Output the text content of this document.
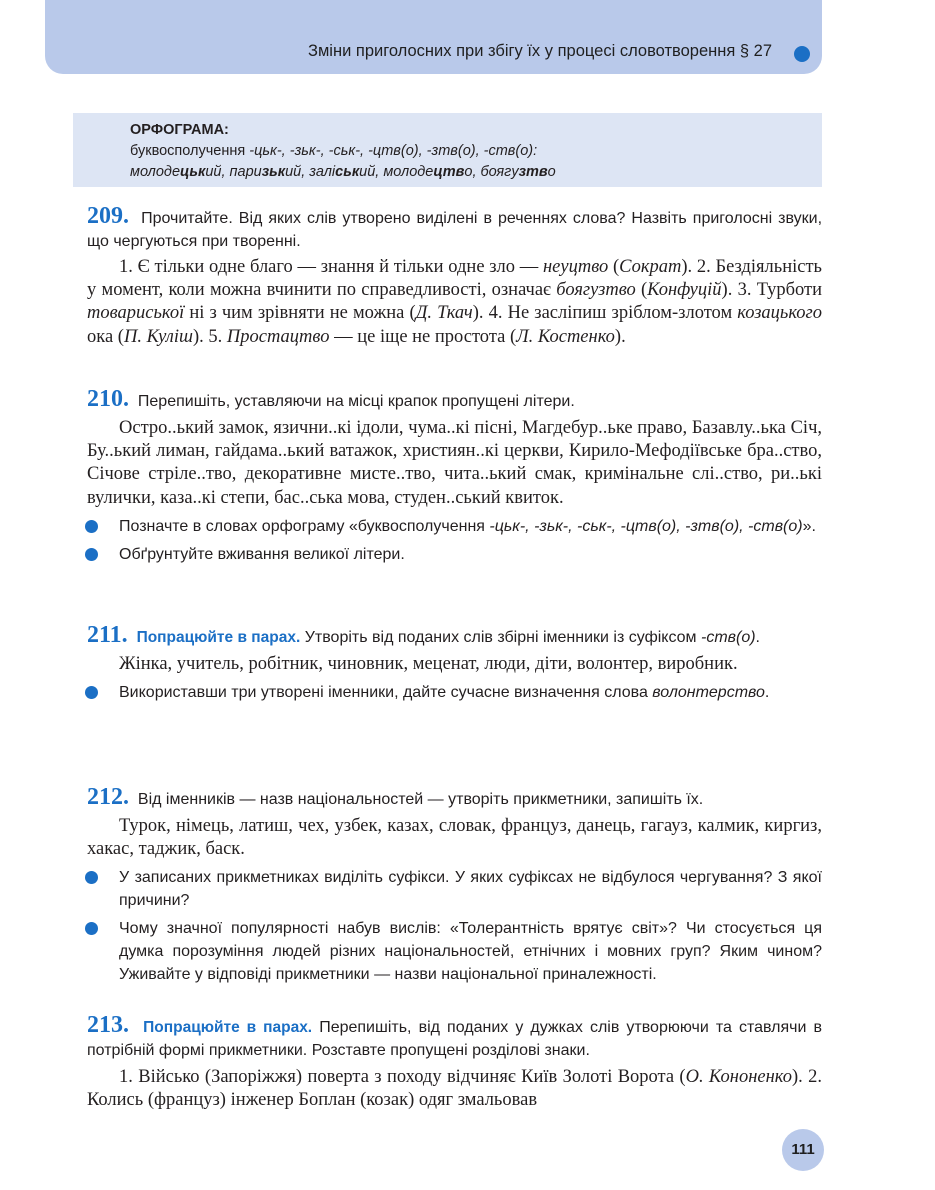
Зміни приголосних при збігу їх у процесі словотворення § 27
ОРФОГРАМА:
буквосполучення -цьк-, -зьк-, -ськ-, -цтв(о), -зтв(о), -ств(о):
молодецький, паризький, заліський, молодецтво, боягузтво
209. Прочитайте. Від яких слів утворено виділені в реченнях слова? Назвіть приголосні звуки, що чергуються при творенні.
1. Є тільки одне благо — знання й тільки одне зло — неуцтво (Сократ). 2. Бездіяльність у момент, коли можна вчинити по справедливості, означає боягузтво (Конфуцій). 3. Турботи товариської ні з чим зрівняти не можна (Д. Ткач). 4. Не засліпиш зріблом-злотом козацького ока (П. Куліш). 5. Простацтво — це іще не простота (Л. Костенко).
210. Перепишіть, уставляючи на місці крапок пропущені літери.
Остро..ький замок, язични..кі ідоли, чума..кі пісні, Магдебур..ьке право, Базавлу..ька Січ, Бу..ький лиман, гайдама..ький ватажок, християн..кі церкви, Кирило-Мефодіївське бра..ство, Січове стріле..тво, декоративне мисте..тво, чита..ький смак, кримінальне слі..ство, ри..ькі вулички, каза..кі степи, бас..ська мова, студен..ський квиток.
Позначте в словах орфограму «буквосполучення -цьк-, -зьк-, -ськ-, -цтв(о), -зтв(о), -ств(о)».
Обґрунтуйте вживання великої літери.
211. Попрацюйте в парах. Утворіть від поданих слів збірні іменники із суфіксом -ств(о).
Жінка, учитель, робітник, чиновник, меценат, люди, діти, волонтер, виробник.
Використавши три утворені іменники, дайте сучасне визначення слова волонтерство.
212. Від іменників — назв національностей — утворіть прикметники, запишіть їх.
Турок, німець, латиш, чех, узбек, казах, словак, француз, данець, гагауз, калмик, киргиз, хакас, таджик, баск.
У записаних прикметниках виділіть суфікси. У яких суфіксах не відбулося чергування? З якої причини?
Чому значної популярності набув вислів: «Толерантність врятує світ»? Чи стосується ця думка порозуміння людей різних національностей, етнічних і мовних груп? Яким чином? Уживайте у відповіді прикметники — назви національної приналежності.
213. Попрацюйте в парах. Перепишіть, від поданих у дужках слів утворюючи та ставлячи в потрібній формі прикметники. Розставте пропущені розділові знаки.
1. Військо (Запоріжжя) поверта з походу відчиняє Київ Золоті Ворота (О. Кононенко). 2. Колись (француз) інженер Боплан (козак) одяг змальовав
111
